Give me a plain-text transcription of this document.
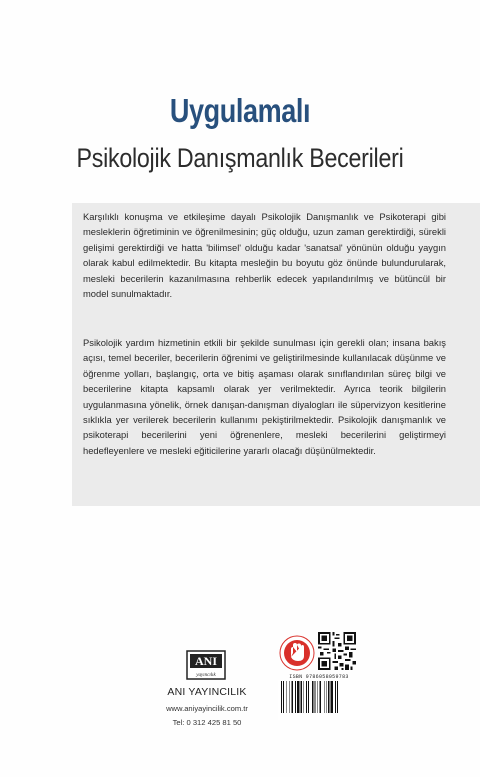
Uygulamalı
Psikolojik Danışmanlık Becerileri

Karşılıklı konuşma ve etkileşime dayalı Psikolojik Danışmanlık ve Psikoterapi gibi mesleklerin öğretiminin ve öğrenilmesinin; güç olduğu, uzun zaman gerektirdiği, sürekli gelişimi gerektirdiği ve hatta 'bilimsel' olduğu kadar 'sanatsal' yönünün olduğu yaygın olarak kabul edilmektedir. Bu kitapta mesleğin bu boyutu göz önünde bulundurularak, mesleki becerilerin kazanılmasına rehberlik edecek yapılandırılmış ve bütüncül bir model sunulmaktadır.

Psikolojik yardım hizmetinin etkili bir şekilde sunulması için gerekli olan; insana bakış açısı, temel beceriler, becerilerin öğrenimi ve geliştirilmesinde kullanılacak düşünme ve öğrenme yolları, başlangıç, orta ve bitiş aşaması olarak sınıflandırılan süreç bilgi ve becerilerine kitapta kapsamlı olarak yer verilmektedir. Ayrıca teorik bilgilerin uygulanmasına yönelik, örnek danışan-danışman diyalogları ile süpervizyon kesitlerine sıklıkla yer verilerek becerilerin kullanımı pekiştirilmektedir. Psikolojik danışmanlık ve psikoterapi becerilerini yeni öğrenenlere, mesleki becerilerini geliştirmeyi hedefleyenlere ve mesleki eğiticilerine yararlı olacağı düşünülmektedir.

ANI
yayıncılık
ANI YAYINCILIK
www.aniyayincilik.com.tr
Tel: 0 312 425 81 50
ISBN 9786058059783
